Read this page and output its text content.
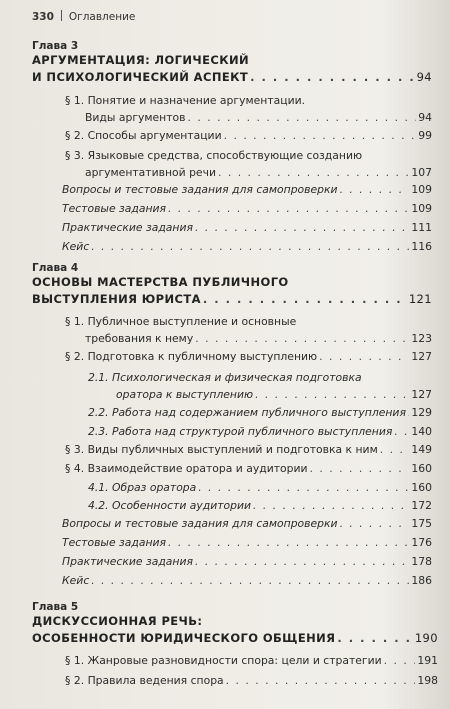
330 Оглавление
Глава 3
АРГУМЕНТАЦИЯ: ЛОГИЧЕСКИЙ
И ПСИХОЛОГИЧЕСКИЙ АСПЕКТ . . .	94
§ 1. Понятие и назначение аргументации.
Виды аргументов . . .	94
§ 2. Способы аргументации . . .	99
§ 3. Языковые средства, способствующие созданию
аргументативной речи . . .	107
Вопросы и тестовые задания для самопроверки . . .	109
Тестовые задания . . .	109
Практические задания . . .	111
Кейс . . .	116
Глава 4
ОСНОВЫ МАСТЕРСТВА ПУБЛИЧНОГО
ВЫСТУПЛЕНИЯ ЮРИСТА . . .	121
§ 1. Публичное выступление и основные
требования к нему . . .	123
§ 2. Подготовка к публичному выступлению . . .	127
2.1. Психологическая и физическая подготовка
оратора к выступлению . . .	127
2.2. Работа над содержанием публичного выступления . . . 129
2.3. Работа над структурой публичного выступления . . . 140
§ 3. Виды публичных выступлений и подготовка к ним . . .	149
§ 4. Взаимодействие оратора и аудитории . . .	160
4.1. Образ оратора . . .	160
4.2. Особенности аудитории . . .	172
Вопросы и тестовые задания для самопроверки . . .	175
Тестовые задания . . .	176
Практические задания . . .	178
Кейс . . .	186
Глава 5
ДИСКУССИОННАЯ РЕЧЬ:
ОСОБЕННОСТИ ЮРИДИЧЕСКОГО ОБЩЕНИЯ . . .	190
§ 1. Жанровые разновидности спора: цели и стратегии . . .	191
§ 2. Правила ведения спора . . .	198
